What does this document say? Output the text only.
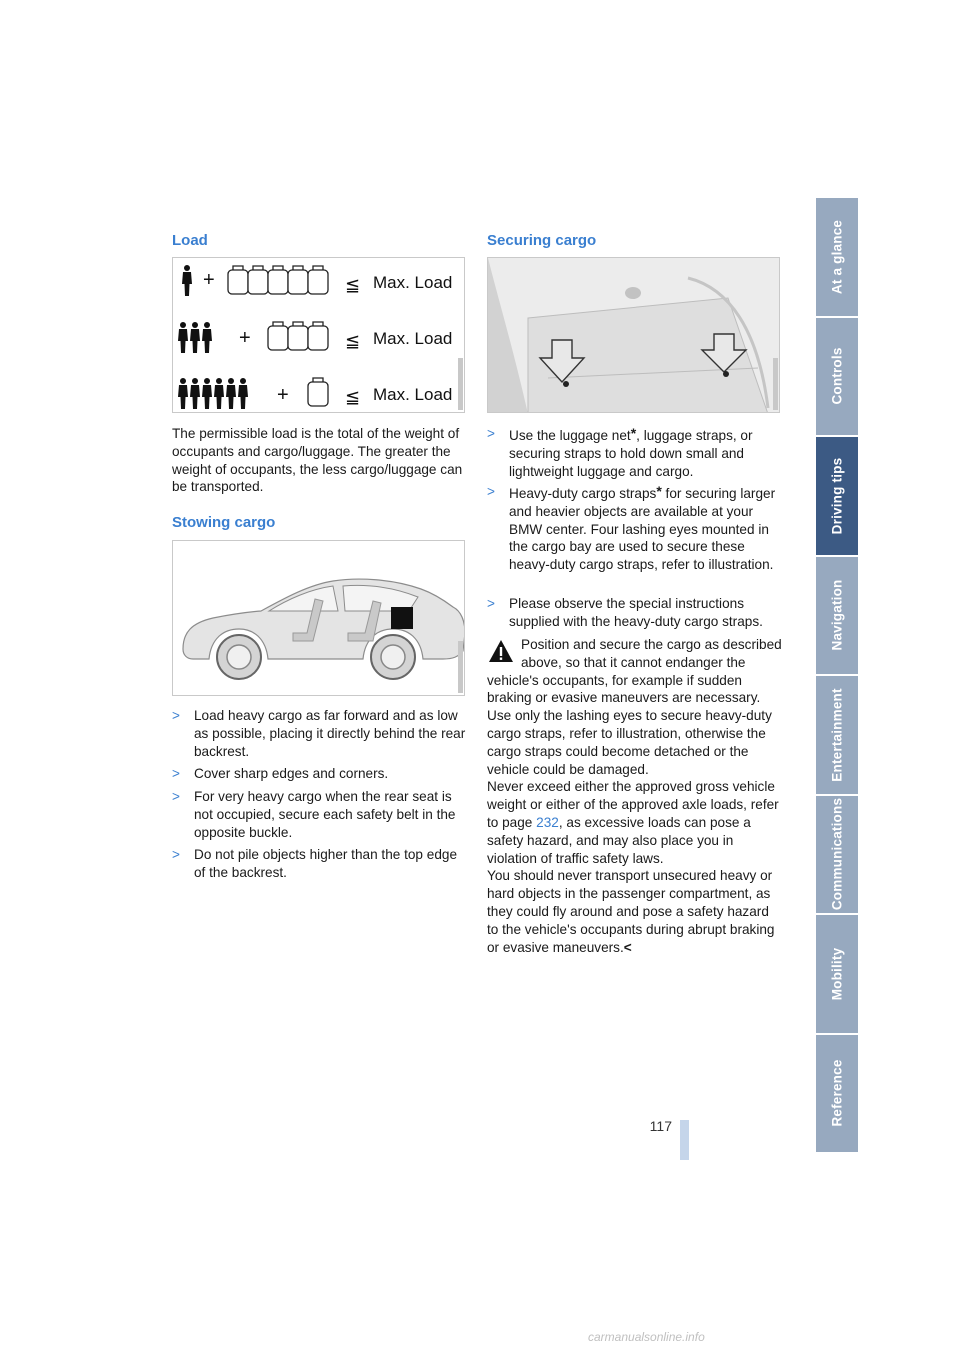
Load
+	≦ Max. Load
+	≦ Max. Load
+	≦ Max. Load
The permissible load is the total of the weight of occupants and cargo/luggage. The greater the weight of occupants, the less cargo/luggage can be transported.
Stowing cargo
> Load heavy cargo as far forward and as low as possible, placing it directly behind the rear backrest.
> Cover sharp edges and corners.
> For very heavy cargo when the rear seat is not occupied, secure each safety belt in the opposite buckle.
> Do not pile objects higher than the top edge of the backrest.
Securing cargo
> Use the luggage net*, luggage straps, or securing straps to hold down small and lightweight luggage and cargo.
> Heavy-duty cargo straps* for securing larger and heavier objects are available at your BMW center. Four lashing eyes mounted in the cargo bay are used to secure these heavy-duty cargo straps, refer to illustration.
> Please observe the special instructions supplied with the heavy-duty cargo straps.
Position and secure the cargo as described above, so that it cannot endanger the vehicle's occupants, for example if sudden braking or evasive maneuvers are necessary.
Use only the lashing eyes to secure heavy-duty cargo straps, refer to illustration, otherwise the cargo straps could become detached or the vehicle could be damaged.
Never exceed either the approved gross vehicle weight or either of the approved axle loads, refer to page 232, as excessive loads can pose a safety hazard, and may also place you in violation of traffic safety laws.
You should never transport unsecured heavy or hard objects in the passenger compartment, as they could fly around and pose a safety hazard to the vehicle's occupants during abrupt braking or evasive maneuvers.<
At a glance
Controls
Driving tips
Navigation
Entertainment
Communications
Mobility
Reference
117
carmanualsonline.info
